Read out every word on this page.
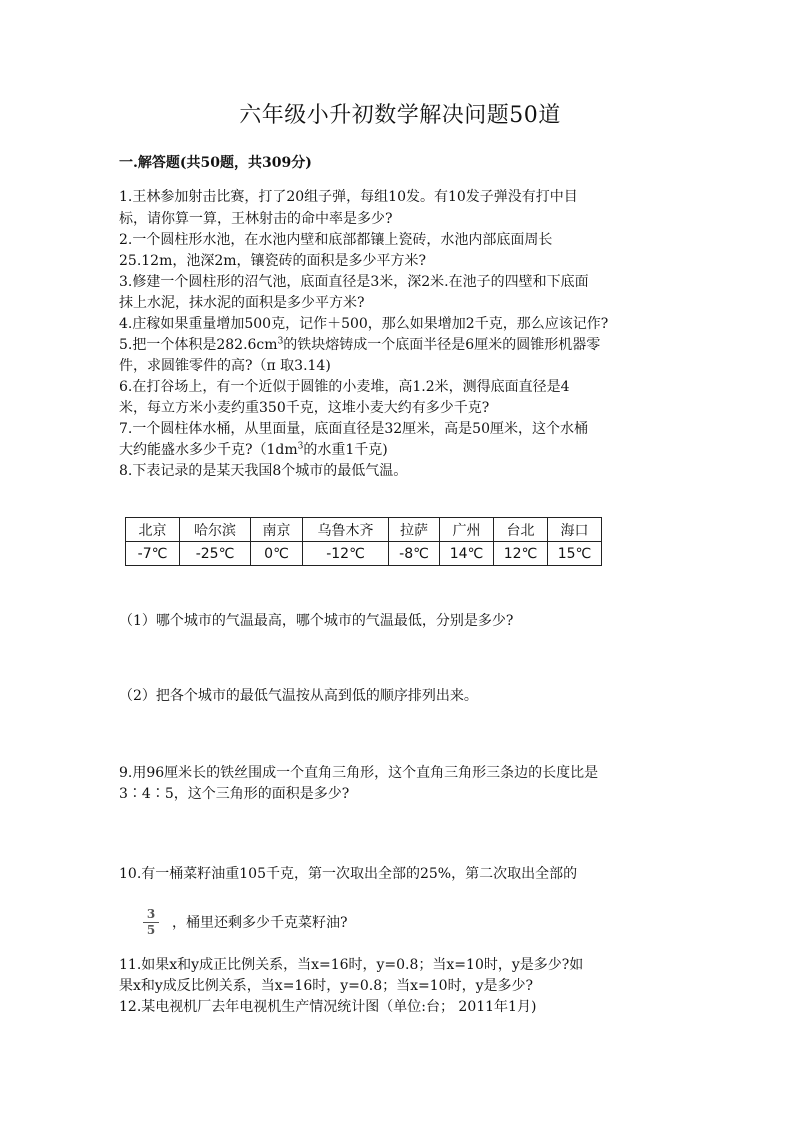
六年级小升初数学解决问题50道
一.解答题(共50题，共309分)
1.王林参加射击比赛，打了20组子弹，每组10发。有10发子弹没有打中目
标，请你算一算，王林射击的命中率是多少?
2.一个圆柱形水池，在水池内壁和底部都镶上瓷砖，水池内部底面周长
25.12m，池深2m，镶瓷砖的面积是多少平方米?
3.修建一个圆柱形的沼气池，底面直径是3米，深2米.在池子的四壁和下底面
抹上水泥，抹水泥的面积是多少平方米?
4.庄稼如果重量增加500克，记作＋500，那么如果增加2千克，那么应该记作?
5.把一个体积是$282.6cm^3$的铁块熔铸成一个底面半径是6厘米的圆锥形机器零
件，求圆锥零件的高?（π 取3.14)
6.在打谷场上，有一个近似于圆锥的小麦堆，高1.2米，测得底面直径是4
米，每立方米小麦约重350千克，这堆小麦大约有多少千克?
7.一个圆柱体水桶，从里面量，底面直径是32厘米，高是50厘米，这个水桶
大约能盛水多少千克$?(1dm^3$的水重1千克)
8.下表记录的是某天我国8个城市的最低气温。
北京	哈尔滨	南京	乌鲁木齐	拉萨	广州	台北	海口
-7℃	-25℃	0℃	-12℃	-8℃	14℃	12℃	15℃
（1）哪个城市的气温最高，哪个城市的气温最低，分别是多少?
（2）把各个城市的最低气温按从高到低的顺序排列出来。
9.用96厘米长的铁丝围成一个直角三角形，这个直角三角形三条边的长度比是
3∶4∶5，这个三角形的面积是多少?
10.有一桶菜籽油重105千克，第一次取出全部的25%，第二次取出全部的
3
5 ，桶里还剩多少千克菜籽油?
11.如果x和y成正比例关系，当x=16时，y=0.8；当x=10时，y是多少?如
果x和y成反比例关系，当x=16时，y=0.8；当x=10时，y是多少?
12.某电视机厂去年电视机生产情况统计图（单位:台； 2011年1月)
